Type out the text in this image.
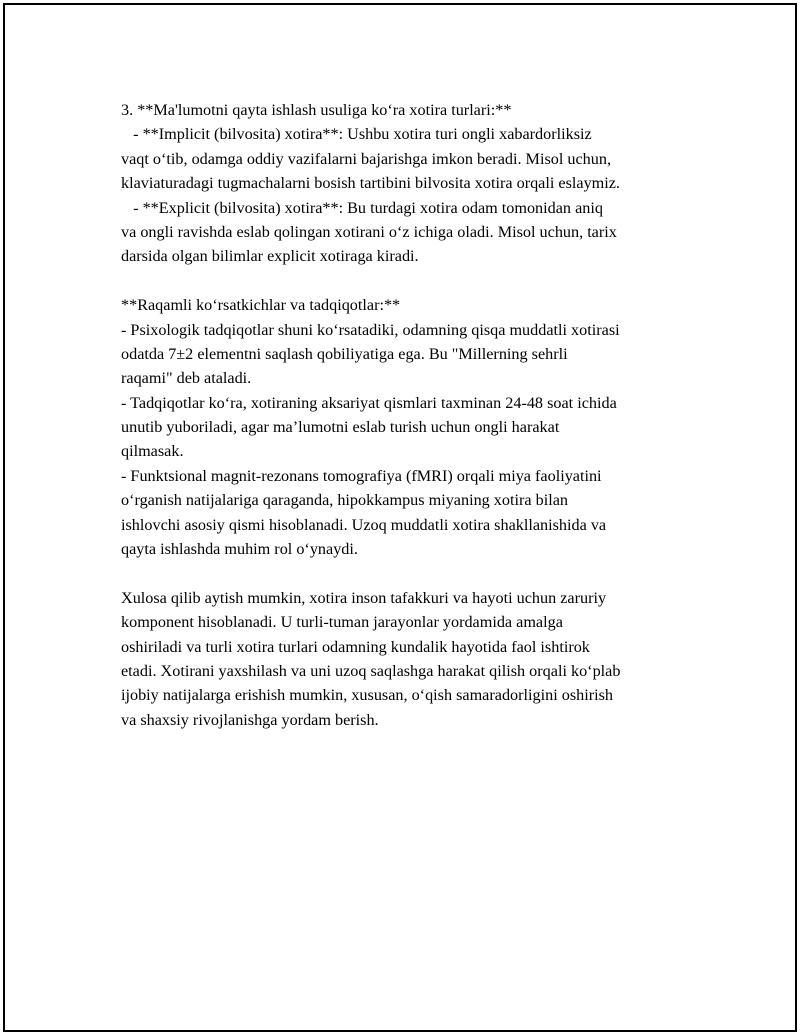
3. **Ma'lumotni qayta ishlash usuliga ko‘ra xotira turlari:**
- **Implicit (bilvosita) xotira**: Ushbu xotira turi ongli xabardorliksiz
vaqt o‘tib, odamga oddiy vazifalarni bajarishga imkon beradi. Misol uchun,
klaviaturadagi tugmachalarni bosish tartibini bilvosita xotira orqali eslaymiz.
- **Explicit (bilvosita) xotira**: Bu turdagi xotira odam tomonidan aniq
va ongli ravishda eslab qolingan xotirani o‘z ichiga oladi. Misol uchun, tarix
darsida olgan bilimlar explicit xotiraga kiradi.
**Raqamli ko‘rsatkichlar va tadqiqotlar:**
- Psixologik tadqiqotlar shuni ko‘rsatadiki, odamning qisqa muddatli xotirasi
odatda 7±2 elementni saqlash qobiliyatiga ega. Bu "Millerning sehrli
raqami" deb ataladi.
- Tadqiqotlar ko‘ra, xotiraning aksariyat qismlari taxminan 24-48 soat ichida
unutib yuboriladi, agar ma’lumotni eslab turish uchun ongli harakat
qilmasak.
- Funktsional magnit-rezonans tomografiya (fMRI) orqali miya faoliyatini
o‘rganish natijalariga qaraganda, hipokkampus miyaning xotira bilan
ishlovchi asosiy qismi hisoblanadi. Uzoq muddatli xotira shakllanishida va
qayta ishlashda muhim rol o‘ynaydi.
Xulosa qilib aytish mumkin, xotira inson tafakkuri va hayoti uchun zaruriy
komponent hisoblanadi. U turli-tuman jarayonlar yordamida amalga
oshiriladi va turli xotira turlari odamning kundalik hayotida faol ishtirok
etadi. Xotirani yaxshilash va uni uzoq saqlashga harakat qilish orqali ko‘plab
ijobiy natijalarga erishish mumkin, xususan, o‘qish samaradorligini oshirish
va shaxsiy rivojlanishga yordam berish.
